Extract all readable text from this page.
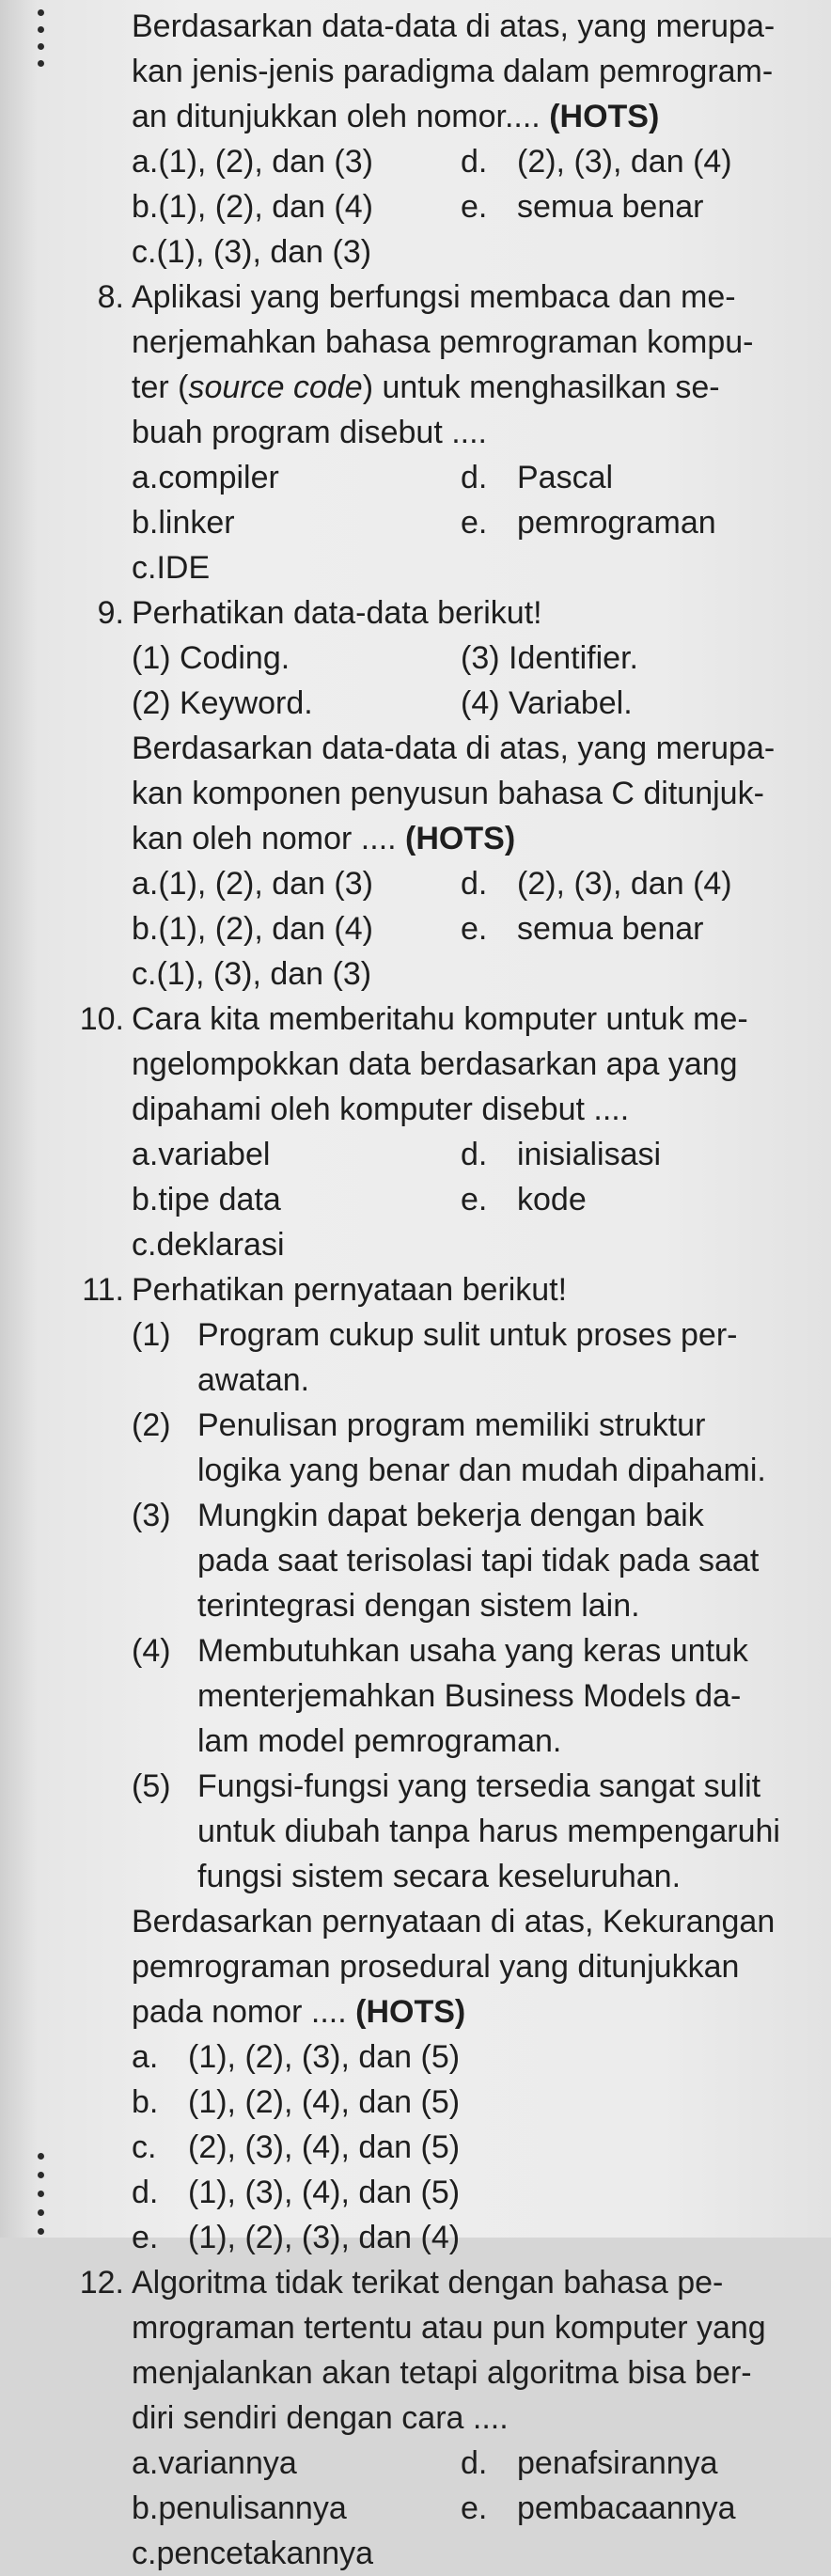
Berdasarkan data-data di atas, yang merupa-
kan jenis-jenis paradigma dalam pemrogram-
an ditunjukkan oleh nomor.... (HOTS)
a. (1), (2), dan (3)	d. (2), (3), dan (4)
b. (1), (2), dan (4)	e. semua benar
c. (1), (3), dan (3)
8. Aplikasi yang berfungsi membaca dan me-
nerjemahkan bahasa pemrograman kompu-
ter (source code) untuk menghasilkan se-
buah program disebut ....
a. compiler	d. Pascal
b. linker	e. pemrograman
c. IDE
9. Perhatikan data-data berikut!
(1) Coding.	(3) Identifier.
(2) Keyword.	(4) Variabel.
Berdasarkan data-data di atas, yang merupa-
kan komponen penyusun bahasa C ditunjuk-
kan oleh nomor .... (HOTS)
a. (1), (2), dan (3)	d. (2), (3), dan (4)
b. (1), (2), dan (4)	e. semua benar
c. (1), (3), dan (3)
10. Cara kita memberitahu komputer untuk me-
ngelompokkan data berdasarkan apa yang
dipahami oleh komputer disebut ....
a. variabel	d. inisialisasi
b. tipe data	e. kode
c. deklarasi
11. Perhatikan pernyataan berikut!
(1) Program cukup sulit untuk proses per-
awatan.
(2) Penulisan program memiliki struktur
logika yang benar dan mudah dipahami.
(3) Mungkin dapat bekerja dengan baik
pada saat terisolasi tapi tidak pada saat
terintegrasi dengan sistem lain.
(4) Membutuhkan usaha yang keras untuk
menterjemahkan Business Models da-
lam model pemrograman.
(5) Fungsi-fungsi yang tersedia sangat sulit
untuk diubah tanpa harus mempengaruhi
fungsi sistem secara keseluruhan.
Berdasarkan pernyataan di atas, Kekurangan
pemrograman prosedural yang ditunjukkan
pada nomor .... (HOTS)
a. (1), (2), (3), dan (5)
b. (1), (2), (4), dan (5)
c. (2), (3), (4), dan (5)
d. (1), (3), (4), dan (5)
e. (1), (2), (3), dan (4)
12. Algoritma tidak terikat dengan bahasa pe-
mrograman tertentu atau pun komputer yang
menjalankan akan tetapi algoritma bisa ber-
diri sendiri dengan cara ....
a. variannya	d. penafsirannya
b. penulisannya	e. pembacaannya
c. pencetakannya
